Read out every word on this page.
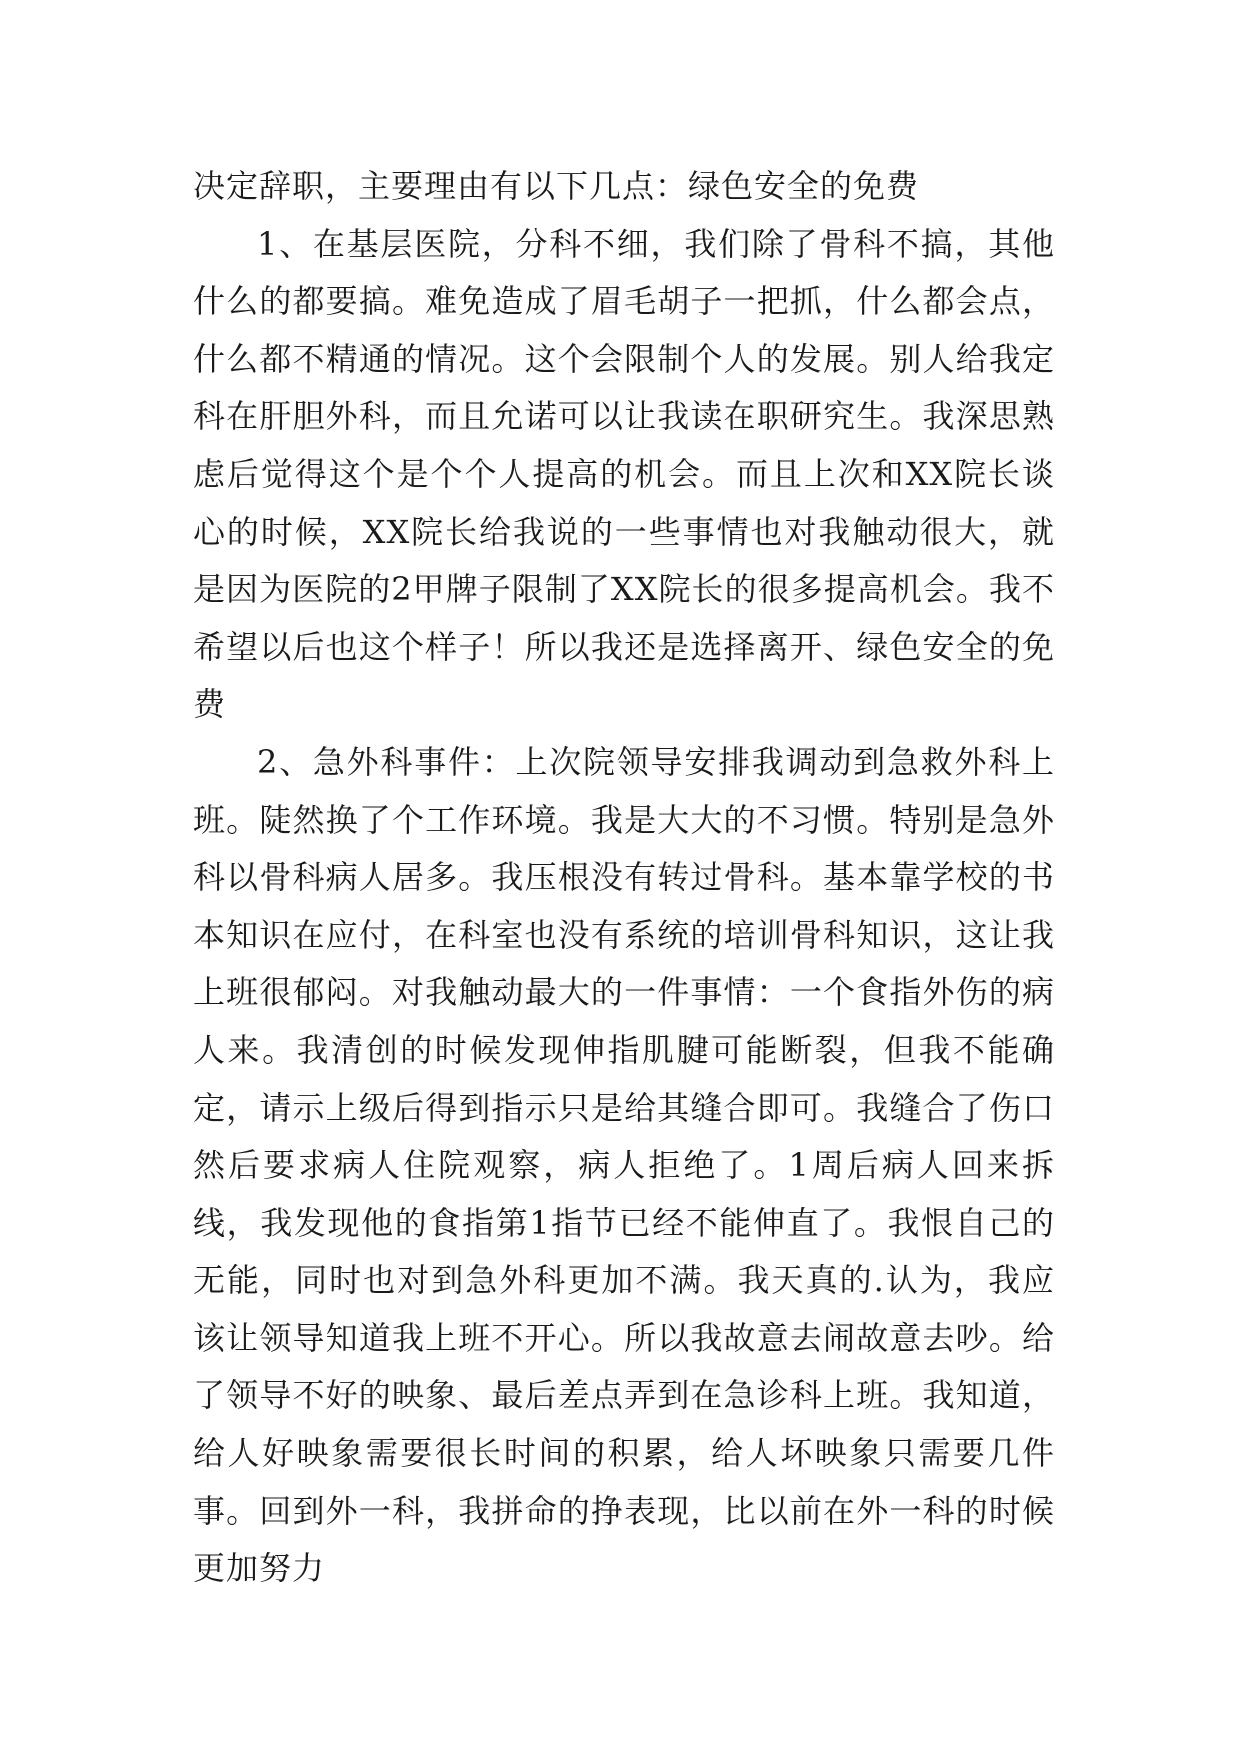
决定辞职，主要理由有以下几点：绿色安全的免费

1、在基层医院，分科不细，我们除了骨科不搞，其他什么的都要搞。难免造成了眉毛胡子一把抓，什么都会点，什么都不精通的情况。这个会限制个人的发展。别人给我定科在肝胆外科，而且允诺可以让我读在职研究生。我深思熟虑后觉得这个是个个人提高的机会。而且上次和XX院长谈心的时候，XX院长给我说的一些事情也对我触动很大，就是因为医院的2甲牌子限制了XX院长的很多提高机会。我不希望以后也这个样子！所以我还是选择离开、绿色安全的免费

2、急外科事件：上次院领导安排我调动到急救外科上班。陡然换了个工作环境。我是大大的不习惯。特别是急外科以骨科病人居多。我压根没有转过骨科。基本靠学校的书本知识在应付，在科室也没有系统的培训骨科知识，这让我上班很郁闷。对我触动最大的一件事情：一个食指外伤的病人来。我清创的时候发现伸指肌腱可能断裂，但我不能确定，请示上级后得到指示只是给其缝合即可。我缝合了伤口然后要求病人住院观察，病人拒绝了。1周后病人回来拆线，我发现他的食指第1指节已经不能伸直了。我恨自己的无能，同时也对到急外科更加不满。我天真的.认为，我应该让领导知道我上班不开心。所以我故意去闹故意去吵。给了领导不好的映象、最后差点弄到在急诊科上班。我知道，给人好映象需要很长时间的积累，给人坏映象只需要几件事。回到外一科，我拼命的挣表现，比以前在外一科的时候更加努力
